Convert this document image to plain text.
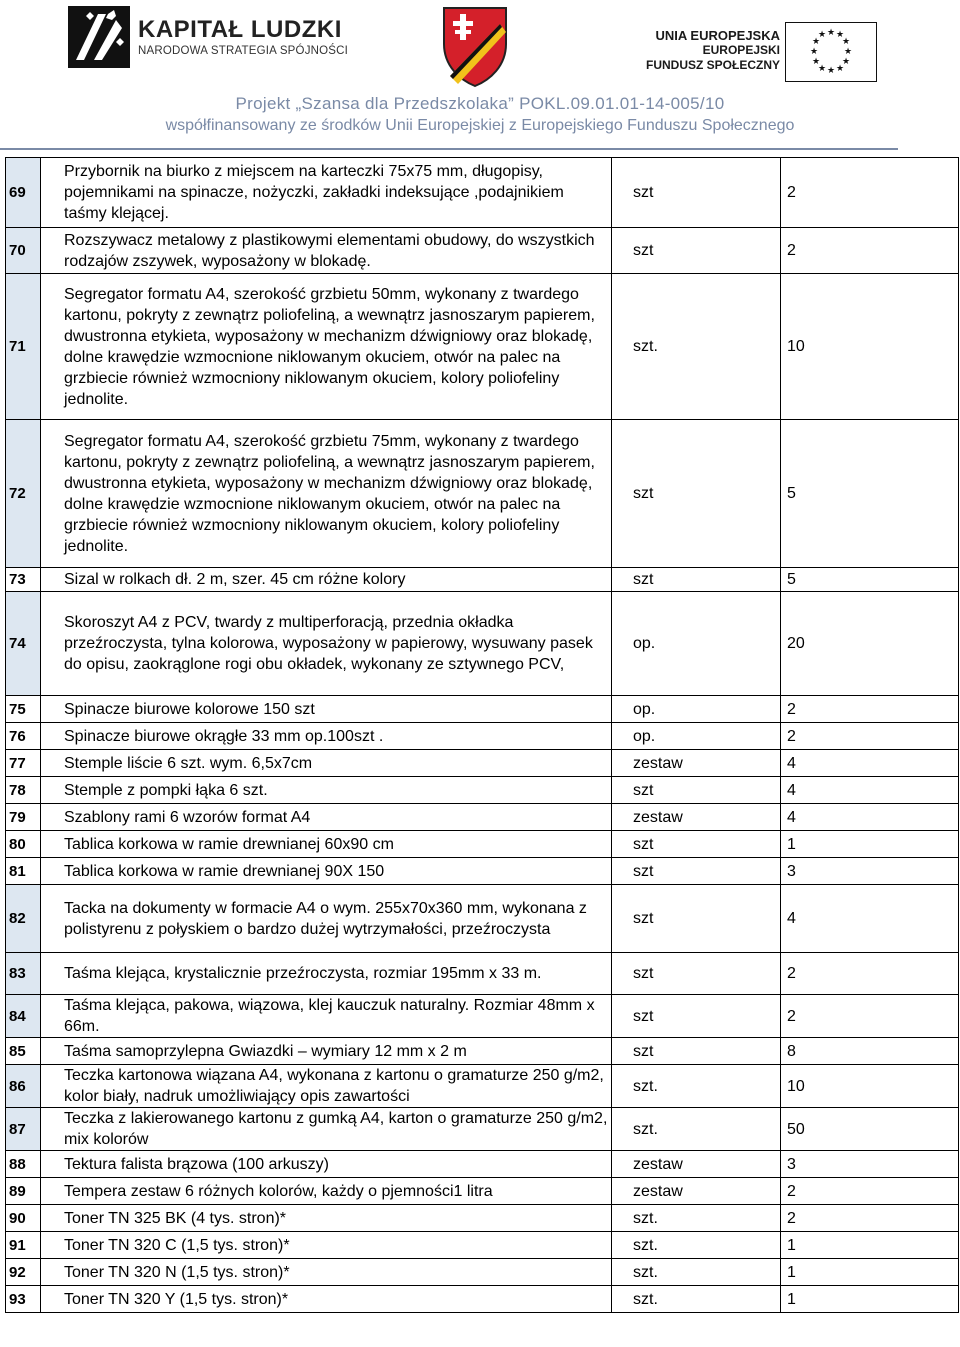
KAPITAŁ LUDZKI
NARODOWA STRATEGIA SPÓJNOŚCI
UNIA EUROPEJSKA
EUROPEJSKI
FUNDUSZ SPOŁECZNY
★ ★
★
★
★
★
★
★
★
★
★
★
Projekt „Szansa dla Przedszkolaka” POKL.09.01.01-14-005/10
współfinansowany ze środków Unii Europejskiej z Europejskiego Funduszu Społecznego
69	Przybornik na biurko z miejscem na karteczki 75x75 mm, długopisy, pojemnikami na spinacze, nożyczki, zakładki indeksujące ,podajnikiem taśmy klejącej.	szt	2
70	Rozszywacz metalowy z plastikowymi elementami obudowy, do wszystkich rodzajów zszywek, wyposażony w blokadę.	szt	2
71	Segregator formatu A4, szerokość grzbietu 50mm, wykonany z twardego kartonu, pokryty z zewnątrz poliofeliną, a wewnątrz jasnoszarym papierem, dwustronna etykieta, wyposażony w mechanizm dźwigniowy oraz blokadę, dolne krawędzie wzmocnione niklowanym okuciem, otwór na palec na grzbiecie również wzmocniony niklowanym okuciem, kolory poliofeliny jednolite.	szt.	10
72	Segregator formatu A4, szerokość grzbietu 75mm, wykonany z twardego kartonu, pokryty z zewnątrz poliofeliną, a wewnątrz jasnoszarym papierem, dwustronna etykieta, wyposażony w mechanizm dźwigniowy oraz blokadę, dolne krawędzie wzmocnione niklowanym okuciem, otwór na palec na grzbiecie również wzmocniony niklowanym okuciem, kolory poliofeliny jednolite.	szt	5
73	Sizal w rolkach dł. 2 m, szer. 45 cm różne kolory	szt	5
74	Skoroszyt A4 z PCV, twardy z multiperforacją, przednia okładka przeźroczysta, tylna kolorowa, wyposażony w papierowy, wysuwany pasek do opisu, zaokrąglone rogi obu okładek, wykonany ze sztywnego PCV,	op.	20
75	Spinacze biurowe kolorowe 150 szt	op.	2
76	Spinacze biurowe okrągłe 33 mm op.100szt .	op.	2
77	Stemple liście 6 szt. wym. 6,5x7cm	zestaw	4
78	Stemple z pompki łąka 6 szt.	szt	4
79	Szablony rami 6 wzorów format A4	zestaw	4
80	Tablica korkowa w ramie drewnianej 60x90 cm	szt	1
81	Tablica korkowa w ramie drewnianej 90X 150	szt	3
82	Tacka na dokumenty w formacie A4 o wym. 255x70x360 mm, wykonana z polistyrenu z połyskiem o bardzo dużej wytrzymałości, przeźroczysta	szt	4
83	Taśma klejąca, krystalicznie przeźroczysta, rozmiar 195mm x 33 m.	szt	2
84	Taśma klejąca, pakowa, wiązowa, klej kauczuk naturalny. Rozmiar 48mm x 66m.	szt	2
85	Taśma samoprzylepna Gwiazdki – wymiary 12 mm x 2 m	szt	8
86	Teczka kartonowa wiązana A4, wykonana z kartonu o gramaturze 250 g/m2, kolor biały, nadruk umożliwiający opis zawartości	szt.	10
87	Teczka z lakierowanego kartonu z gumką A4, karton o gramaturze 250 g/m2, mix kolorów	szt.	50
88	Tektura falista brązowa (100 arkuszy)	zestaw	3
89	Tempera zestaw 6 różnych kolorów, każdy o pjemności1 litra	zestaw	2
90	Toner TN 325 BK (4 tys. stron)*	szt.	2
91	Toner TN 320 C (1,5 tys. stron)*	szt.	1
92	Toner TN 320 N (1,5 tys. stron)*	szt.	1
93	Toner TN 320 Y (1,5 tys. stron)*	szt.	1
